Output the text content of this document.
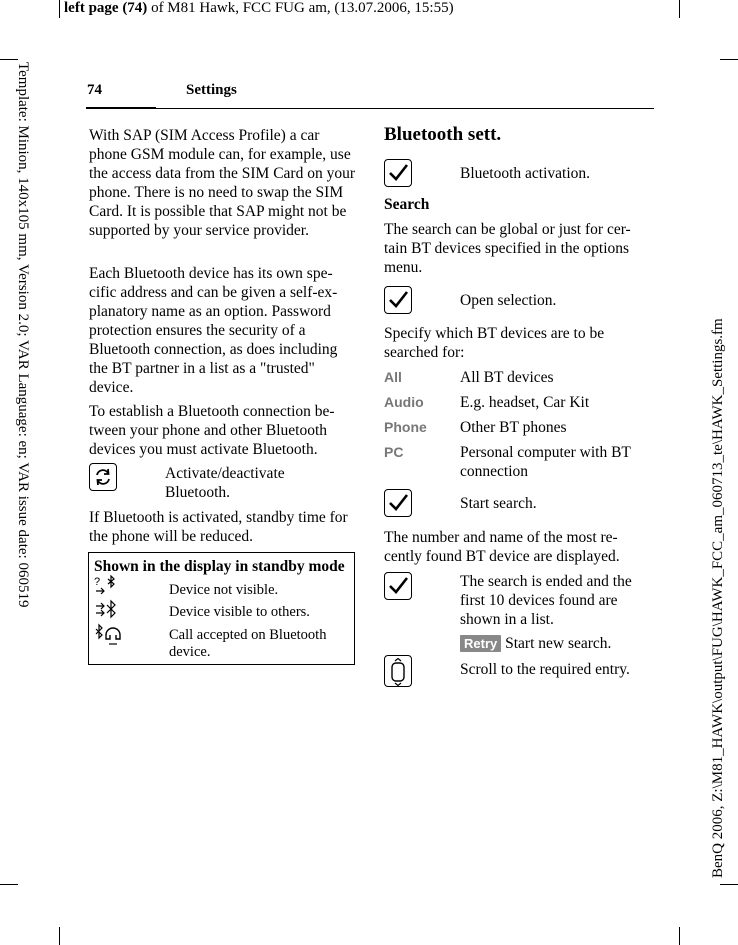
left page (74) of M81 Hawk, FCC FUG am, (13.07.2006, 15:55)
Template: Minion, 140x105 mm, Version 2.0; VAR Language: en; VAR issue date: 060519	BenQ 2006, Z:\M81_HAWK\output\FUG\HAWK_FCC_am_060713_te\HAWK_Settings.fm
74	Settings

With SAP (SIM Access Profile) a car phone GSM module can, for example, use the access data from the SIM Card on your phone. There is no need to swap the SIM Card. It is possible that SAP might not be supported by your service provider.

Each Bluetooth device has its own spe-cific address and can be given a self-ex-planatory name as an option. Password protection ensures the security of a Bluetooth connection, as does including the BT partner in a list as a "trusted" device.

To establish a Bluetooth connection be-tween your phone and other Bluetooth devices you must activate Bluetooth.

Activate/deactivate Bluetooth.

If Bluetooth is activated, standby time for the phone will be reduced.

Shown in the display in standby mode
?	Device not visible.
Device visible to others.
Call accepted on Bluetooth device.
Bluetooth sett.

Bluetooth activation.

Search

The search can be global or just for cer-tain BT devices specified in the options menu.

Open selection.

Specify which BT devices are to be searched for:

All	All BT devices

Audio E.g. headset, Car Kit

Phone Other BT phones

PC	Personal computer with BT connection

Start search.

The number and name of the most re-cently found BT device are displayed.

The search is ended and the first 10 devices found are shown in a list.

Retry Start new search.

Scroll to the required entry.
